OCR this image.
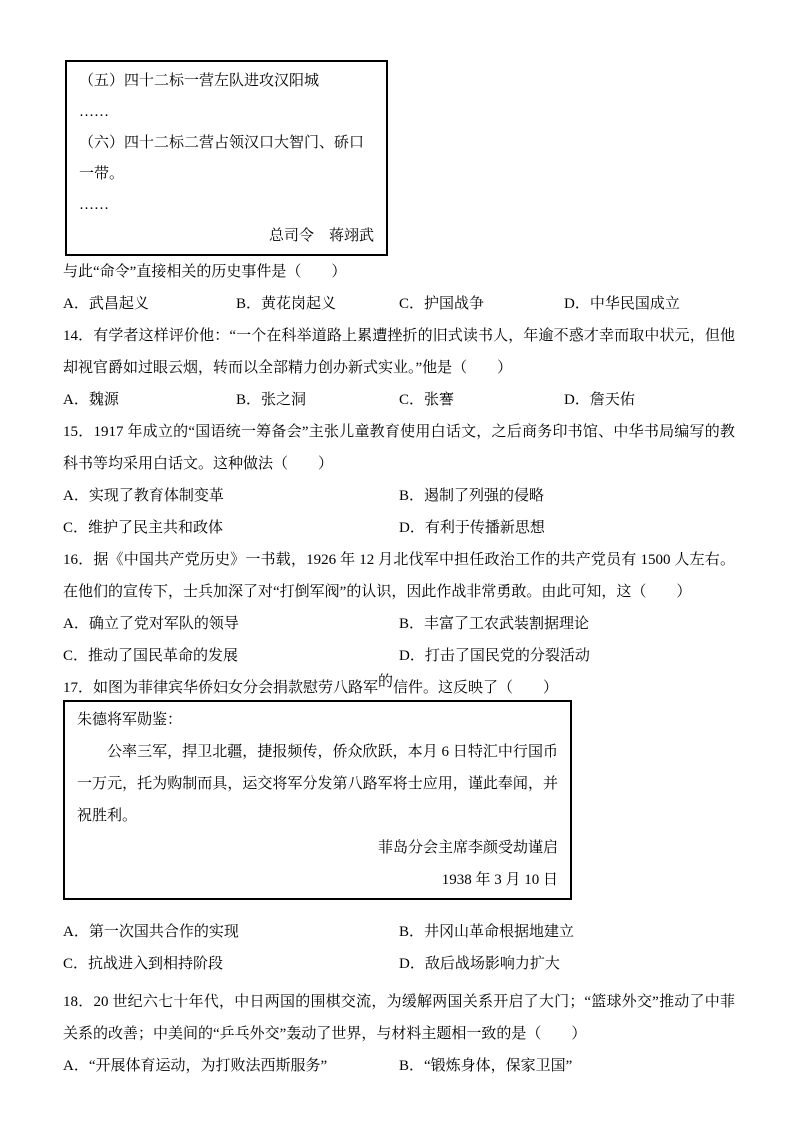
（五）四十二标一营左队进攻汉阳城

……

（六）四十二标二营占领汉口大智门、硚口一带。

……

总司令　蒋翊武

与此“命令”直接相关的历史事件是（　　）

A．武昌起义	B．黄花岗起义	C．护国战争	D．中华民国成立

14．有学者这样评价他：“一个在科举道路上累遭挫折的旧式读书人，年逾不惑才幸而取中状元，但他却视官爵如过眼云烟，转而以全部精力创办新式实业。”他是（　　）

A．魏源	B．张之洞	C．张謇	D．詹天佑

15．1917 年成立的“国语统一筹备会”主张儿童教育使用白话文，之后商务印书馆、中华书局编写的教科书等均采用白话文。这种做法（　　）

A．实现了教育体制变革	B．遏制了列强的侵略
C．维护了民主共和政体	D．有利于传播新思想

16．据《中国共产党历史》一书载，1926 年 12 月北伐军中担任政治工作的共产党员有 1500 人左右。在他们的宣传下，士兵加深了对“打倒军阀”的认识，因此作战非常勇敢。由此可知，这（　　）

A．确立了党对军队的领导	B．丰富了工农武装割据理论
C．推动了国民革命的发展	D．打击了国民党的分裂活动

17．如图为菲律宾华侨妇女分会捐款慰劳八路军的信件。这反映了（　　）

朱德将军勋鉴：

公率三军，捍卫北疆，捷报频传，侨众欣跃，本月 6 日特汇中行国币一万元，托为购制而具，运交将军分发第八路军将士应用，谨此奉闻，并祝胜利。

菲岛分会主席李颜受劫谨启

1938 年 3 月 10 日

A．第一次国共合作的实现	B．井冈山革命根据地建立
C．抗战进入到相持阶段	D．敌后战场影响力扩大

18．20 世纪六七十年代，中日两国的围棋交流，为缓解两国关系开启了大门；“篮球外交”推动了中菲关系的改善；中美间的“乒乓外交”轰动了世界，与材料主题相一致的是（　　）

A．“开展体育运动，为打败法西斯服务”	B．“锻炼身体，保家卫国”
